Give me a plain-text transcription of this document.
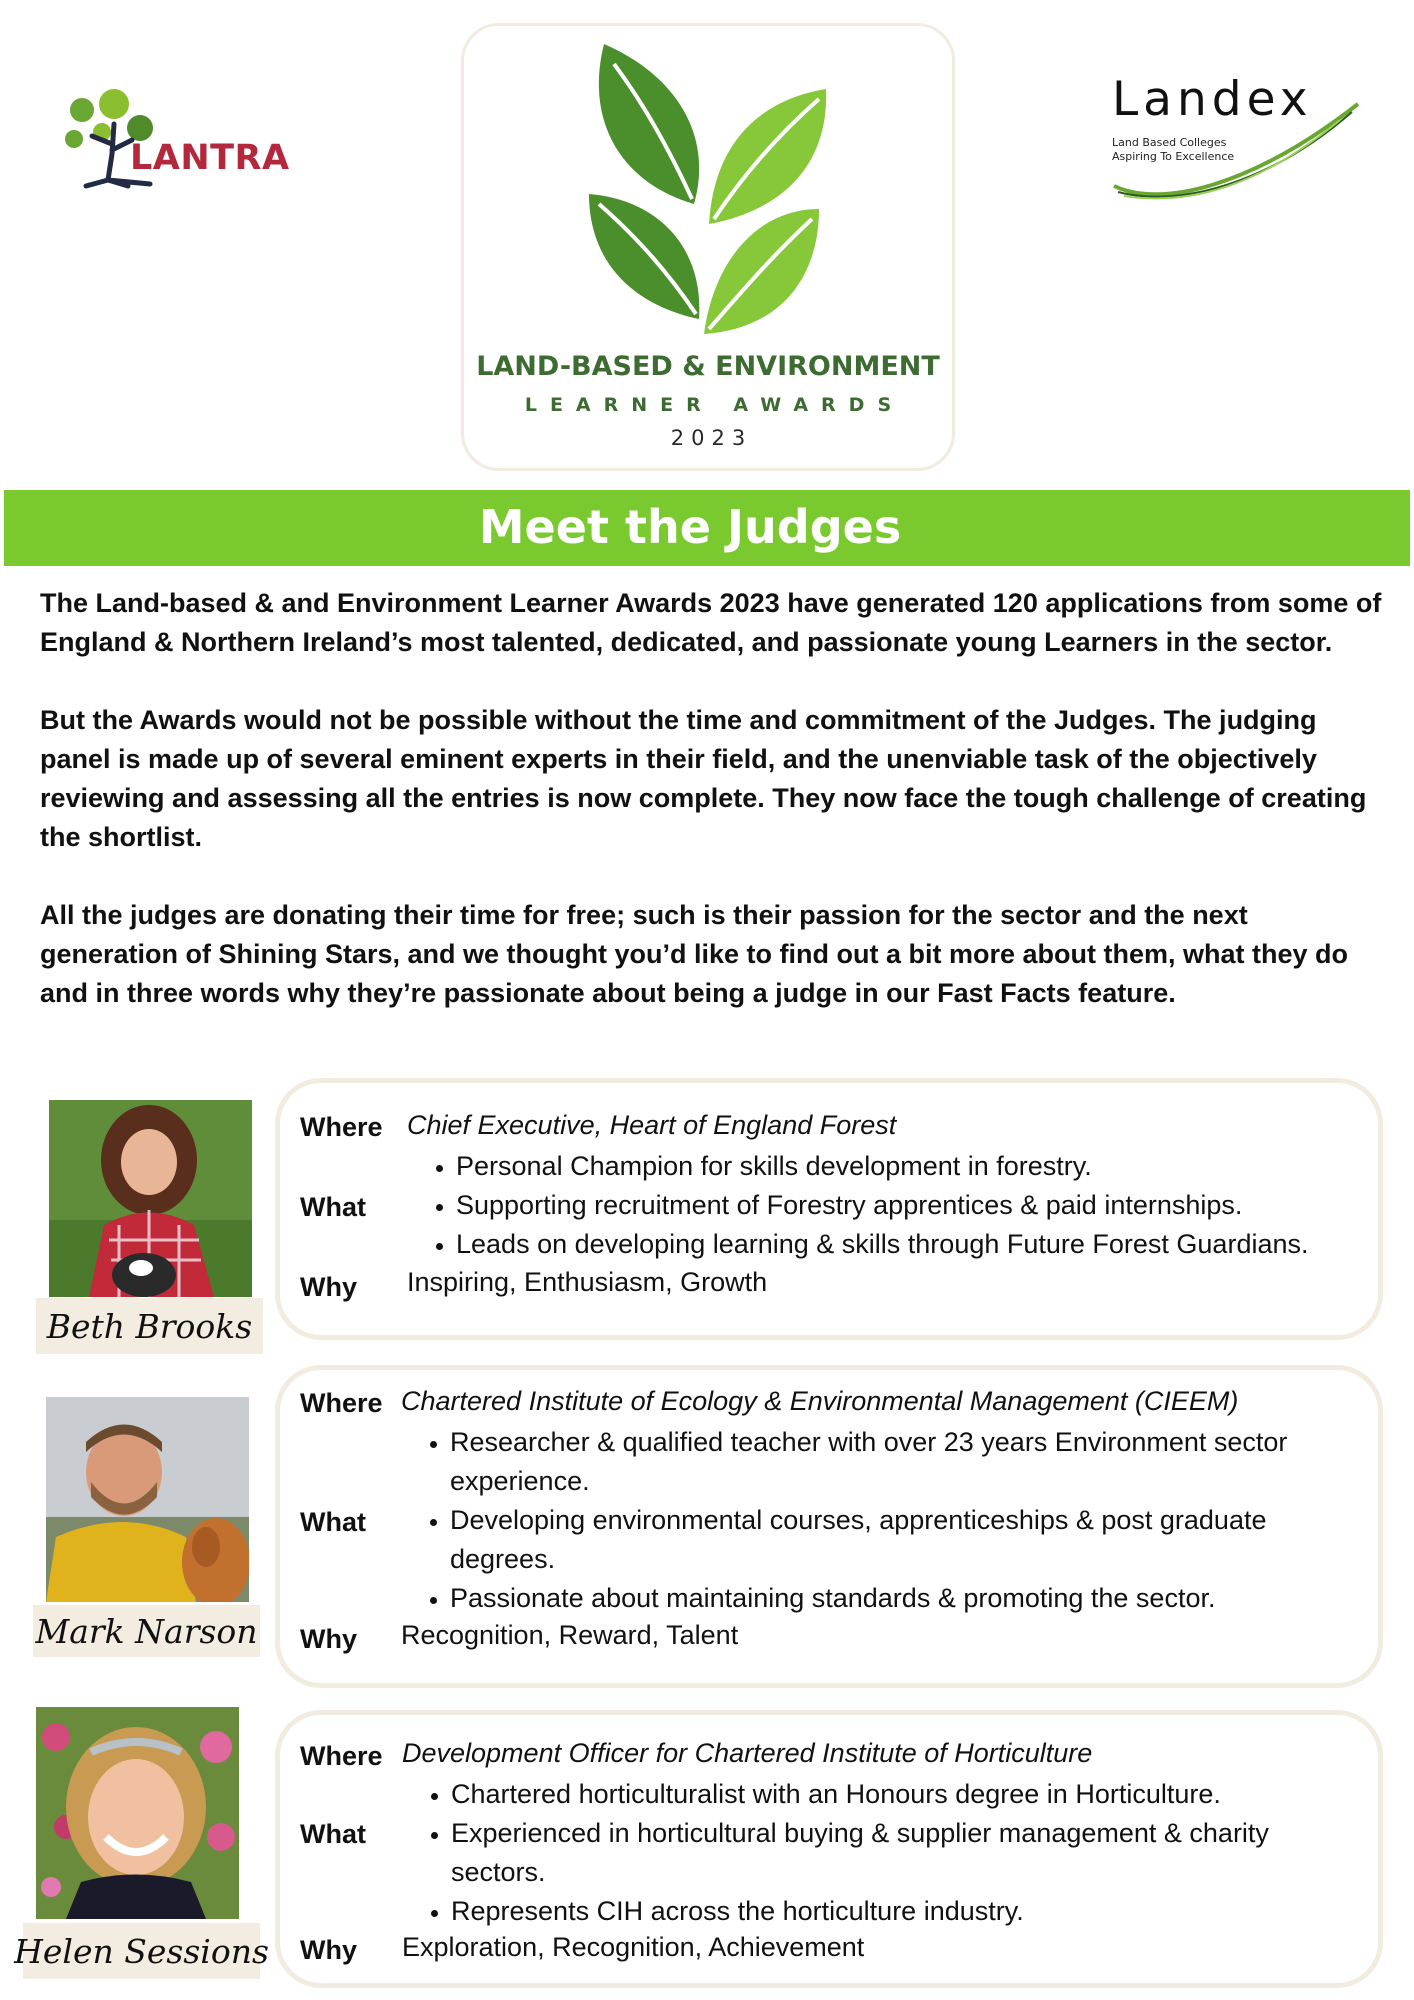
LANTRA
LAND-BASED & ENVIRONMENT
LEARNER AWARDS
2023
Landex
Land Based Colleges
Aspiring To Excellence
Meet the Judges

The Land-based & and Environment Learner Awards 2023 have generated 120 applications from some of England & Northern Ireland’s most talented, dedicated, and passionate young Learners in the sector.

But the Awards would not be possible without the time and commitment of the Judges. The judging panel is made up of several eminent experts in their field, and the unenviable task of the objectively reviewing and assessing all the entries is now complete. They now face the tough challenge of creating the shortlist.

All the judges are donating their time for free; such is their passion for the sector and the next generation of Shining Stars, and we thought you’d like to find out a bit more about them, what they do and in three words why they’re passionate about being a judge in our Fast Facts feature.

Beth Brooks
Where Chief Executive, Heart of England Forest
What
• Personal Champion for skills development in forestry.
• Supporting recruitment of Forestry apprentices & paid internships.
• Leads on developing learning & skills through Future Forest Guardians.
Why Inspiring, Enthusiasm, Growth
Mark Narson
Where Chartered Institute of Ecology & Environmental Management (CIEEM)
What
• Researcher & qualified teacher with over 23 years Environment sector experience.
• Developing environmental courses, apprenticeships & post graduate degrees.
• Passionate about maintaining standards & promoting the sector.
Why Recognition, Reward, Talent
Helen Sessions
Where Development Officer for Chartered Institute of Horticulture
What
• Chartered horticulturalist with an Honours degree in Horticulture.
• Experienced in horticultural buying & supplier management & charity sectors.
• Represents CIH across the horticulture industry.
Why Exploration, Recognition, Achievement
